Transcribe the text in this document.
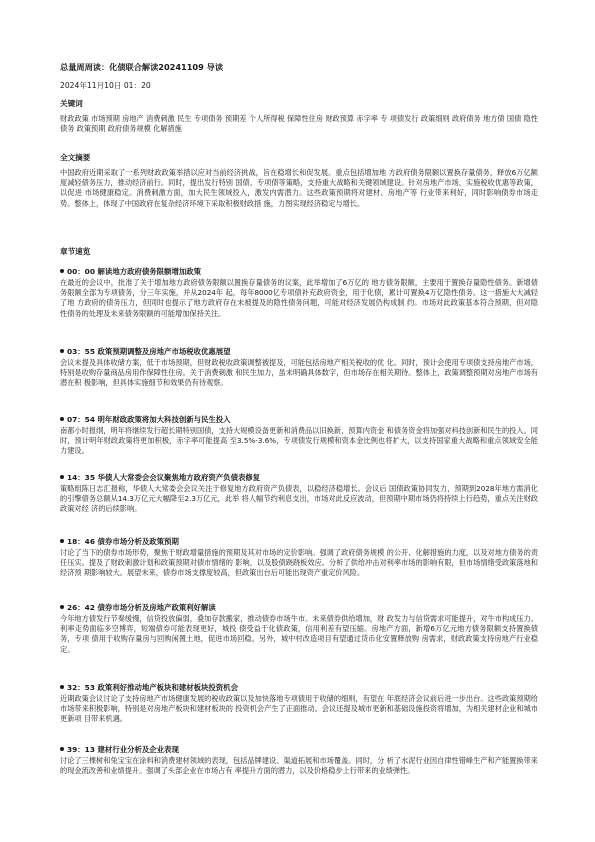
总量周周读：化债联合解读20241109 导读
2024年11月10日 01：20
关键词

财政政策 市场预期 房地产 消费刺激 民生 专项债务 预期差 个人所得税 保障性住房 财政预算 赤字率 专 项债发行 政策细则 政府债务 地方债 国债 隐性债务 政策预期 政府债务规模 化解措施

全文摘要

中国政府近期采取了一系列财政政策举措以应对当前经济挑战，旨在稳增长和促发展。重点包括增加地 方政府债务限额以置换存量债务，释放6万亿额度减轻债务压力，推动经济前行。同时，提出发行特别 国债、专项债等策略，支持重大战略和关键领域建设。针对房地产市场，实施税收优惠等政策，以促进 市场健康稳定。消费刺激方面，加大民生领域投入，激发内需潜力。这些政策预期将对建材、房地产等 行业带来利好，同时影响债券市场走势。整体上，体现了中国政府在复杂经济环境下采取积极财政措 施，力图实现经济稳定与增长。

章节速览
00：00 解读地方政府债务限额增加政策

在最近的会议中，批准了关于增加地方政府债务限额以置换存量债务的议案，此举增加了6万亿的 地方债务限额，主要用于置换存量隐性债务。新增债务限额全部为专项债务，分三年实施，并从2024年 起，每年8000亿专项债补充政府资金，用于化债，累计可置换4万亿隐性债务。这一措施大大减轻了地 方政府的债务压力，但同时也提示了地方政府存在未被提及的隐性债务问题，可能对经济发展仍构成制 约。市场对此政策基本符合预期，但对隐性债务的处理及未来债务限额的可能增加保持关注。

03：55 政策预期调整及房地产市场税收优惠展望

会议未提及具体收储方案，低于市场预期，但财政税收政策调整被提及，可能包括房地产相关税收的优 化。同时，预计会使用专项债支持房地产市场，特别是收购存量商品房用作保障性住房。关于消费刺激 和民生加力，虽未明确具体数字，但市场存在相关期待。整体上，政策调整预期对房地产市场有潜在积 极影响，但具体实施细节和效果仍有待观察。

07：54 明年财政政策将加大科技创新与民生投入

南都小时报纲，明年将继续发行超长期特别国债，支持大规模设备更新和消费品以旧换新，预算内资金 和债务资金将加强对科技创新和民生的投入。同时，预计明年财政政策将更加积极，赤字率可能提高 至3.5%-3.6%，专项债发行规模和资本金比例也将扩大，以支持国家重大战略和重点领域安全能力建设。

14：35 华债人大常委会会议聚焦地方政府资产负债表修复

策略组陈日志汇报称，华债人大常委会会议关注于修复地方政府资产负债表，以稳经济稳增长。会议后 国债政策协同发力，预期到2028年地方需消化的引擎债务总额从14.3万亿元大幅降至2.3万亿元，此举 将人幅节约利息支出，市场对此反应波动，但预期中期市场仍将持续上行趋势，重点关注财政政策对经 济的后续影响。

18：46 债券市场分析及政策预期

讨论了当下的债券市场形势，聚焦于财政增量措施的预期及其对市场的定价影响。强调了政府债务规模 的公开、化解措施的力度，以及对地方债务的责任压实。提及了财政刺激计划和政策预期对债市情绪的 影响，以及股债跷跷板效应。分析了供给冲击对利率市场的影响有限，但市场情绪受政策落地和经济预 期影响较大。展望未来，债券市场支撑度较高，但政策出台后可能出现资产重定价风险。

26：42 债券市场分析及房地产政策利好解读

今年地方债发行节奏缓慢，信贷投放偏弱，叠加存款搬家，推动债券市场牛市。未来债券供给增加，财 政发力与信贷需求可能提升，对牛市构成压力。利率走势面临多空博弈，短端债券可能表现更好，城投 债受益于化债政策，信用利差有望压缩。房地产方面，新增6万亿元地方债务限额支持置换债务，专项 债用于收购存量房与回购闲置土地，促进市场回稳。另外，城中村改造项目有望通过货币化安置释放购 房需求，财政政策支持房地产行业稳定。

32：53 政策利好推动地产板块和建材板块投资机会

近期政策会议讨论了支持房地产市场健康发展的税收政策以及加快落地专项债用于收储的细则，有望在 年底经济会议前后进一步出台。这些政策预期给市场带来积极影响，特别是对房地产板块和建材板块的 投资机会产生了正面推动。会议还提及城市更新和基础设施投资将增加，为相关建材企业和城市更新项 目带来机遇。

39：13 建材行业分析及企业表现

讨论了三棵树和兔宝宝在涂料和消费建材领域的表现，包括品牌建设、渠道拓展和市场覆盖。同时，分 析了水泥行业因自律性错峰生产和产能置换带来的现金流改善和业绩提升。强调了头部企业在市场占有 率提升方面的潜力，以及价格稳步上行带来的业绩弹性。
